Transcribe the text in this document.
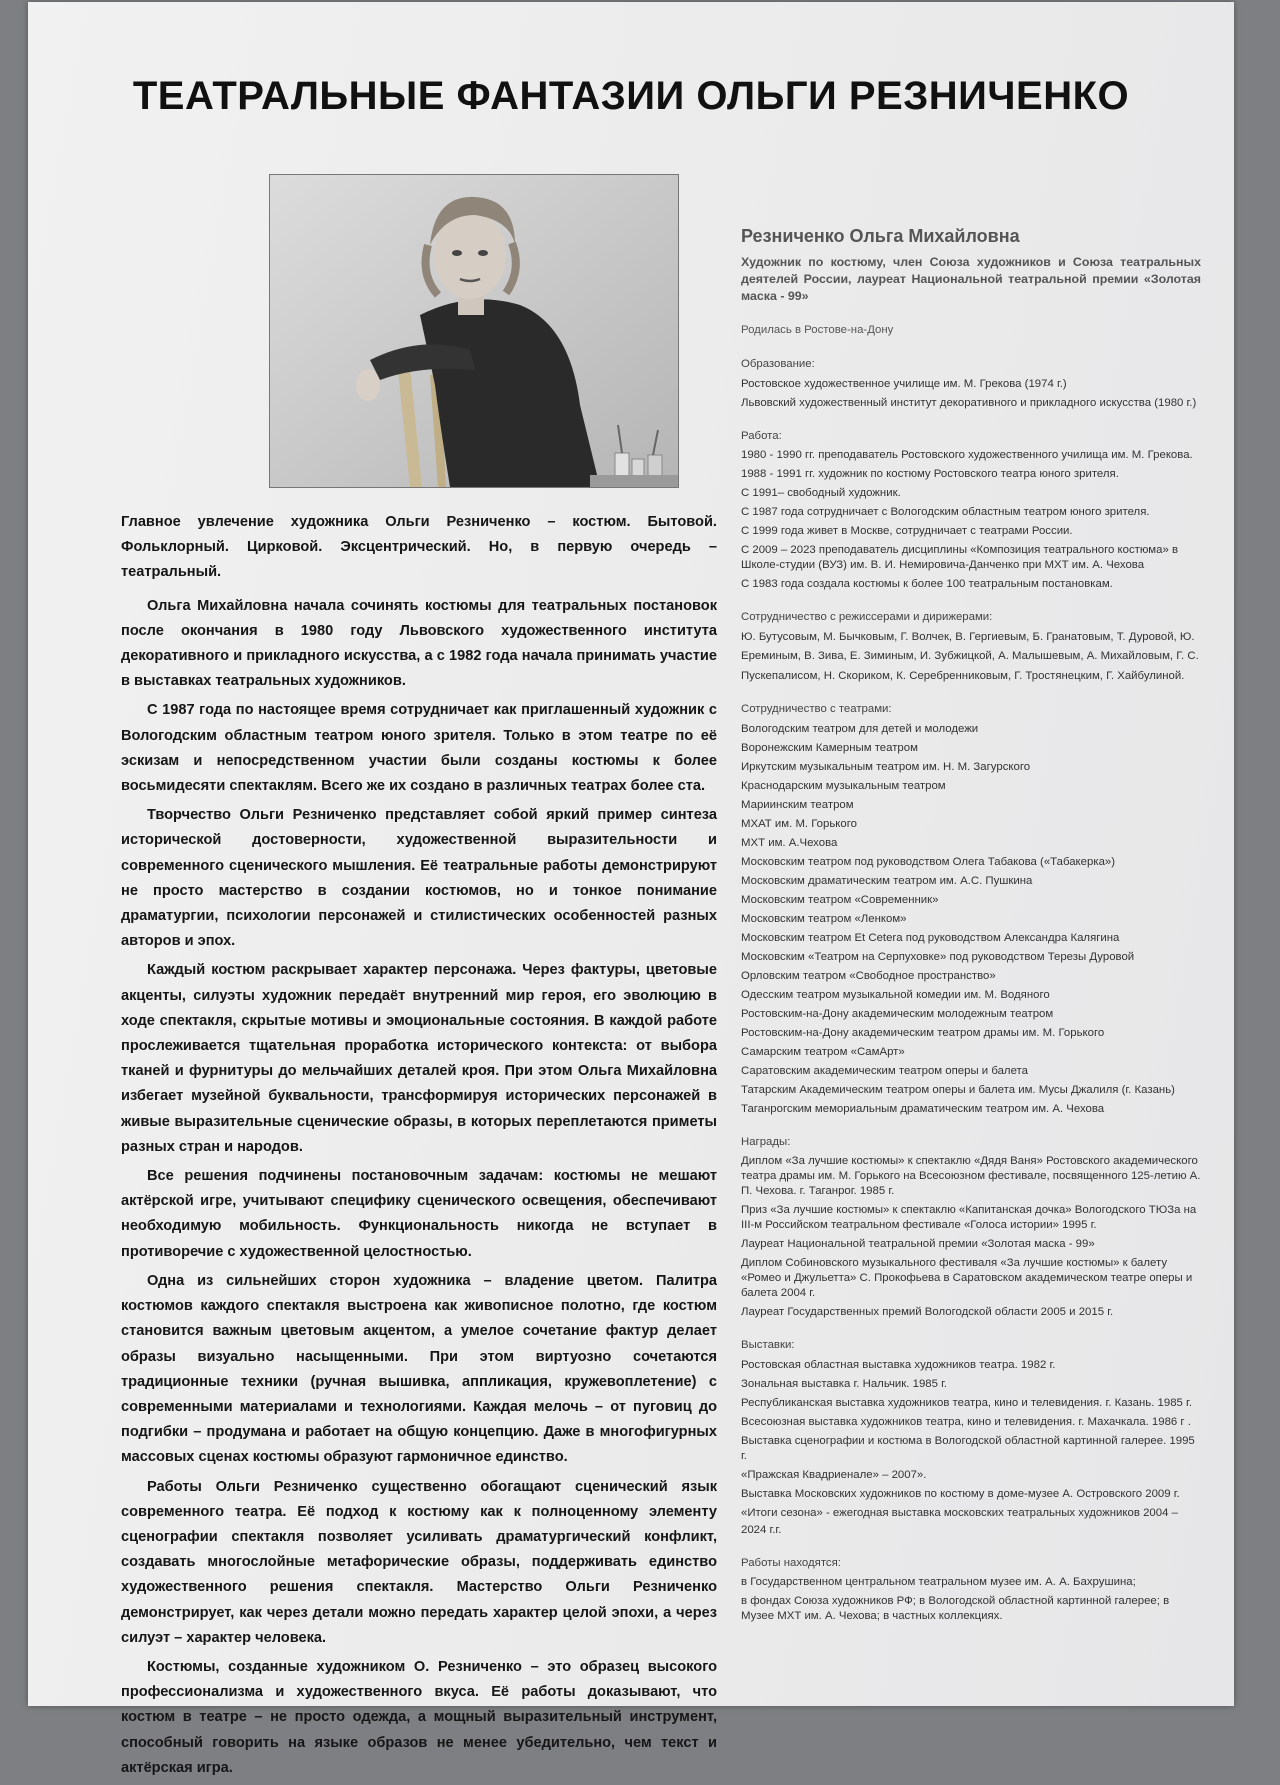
ТЕАТРАЛЬНЫЕ ФАНТАЗИИ ОЛЬГИ РЕЗНИЧЕНКО

Главное увлечение художника Ольги Резниченко – костюм. Бытовой. Фольклорный. Цирковой. Эксцентрический. Но, в первую очередь – театральный.

Ольга Михайловна начала сочинять костюмы для театральных постановок после окончания в 1980 году Львовского художественного института декоративного и прикладного искусства, а с 1982 года начала принимать участие в выставках театральных художников.

С 1987 года по настоящее время сотрудничает как приглашенный художник с Вологодским областным театром юного зрителя. Только в этом театре по её эскизам и непосредственном участии были созданы костюмы к более восьмидесяти спектаклям. Всего же их создано в различных театрах более ста.

Творчество Ольги Резниченко представляет собой яркий пример синтеза исторической достоверности, художественной выразительности и современного сценического мышления. Её театральные работы демонстрируют не просто мастерство в создании костюмов, но и тонкое понимание драматургии, психологии персонажей и стилистических особенностей разных авторов и эпох.

Каждый костюм раскрывает характер персонажа. Через фактуры, цветовые акценты, силуэты художник передаёт внутренний мир героя, его эволюцию в ходе спектакля, скрытые мотивы и эмоциональные состояния. В каждой работе прослеживается тщательная проработка исторического контекста: от выбора тканей и фурнитуры до мельчайших деталей кроя. При этом Ольга Михайловна избегает музейной буквальности, трансформируя исторических персонажей в живые выразительные сценические образы, в которых переплетаются приметы разных стран и народов.

Все решения подчинены постановочным задачам: костюмы не мешают актёрской игре, учитывают специфику сценического освещения, обеспечивают необходимую мобильность. Функциональность никогда не вступает в противоречие с художественной целостностью.

Одна из сильнейших сторон художника – владение цветом. Палитра костюмов каждого спектакля выстроена как живописное полотно, где костюм становится важным цветовым акцентом, а умелое сочетание фактур делает образы визуально насыщенными. При этом виртуозно сочетаются традиционные техники (ручная вышивка, аппликация, кружевоплетение) с современными материалами и технологиями. Каждая мелочь – от пуговиц до подгибки – продумана и работает на общую концепцию. Даже в многофигурных массовых сценах костюмы образуют гармоничное единство.

Работы Ольги Резниченко существенно обогащают сценический язык современного театра. Её подход к костюму как к полноценному элементу сценографии спектакля позволяет усиливать драматургический конфликт, создавать многослойные метафорические образы, поддерживать единство художественного решения спектакля. Мастерство Ольги Резниченко демонстрирует, как через детали можно передать характер целой эпохи, а через силуэт – характер человека.

Костюмы, созданные художником О. Резниченко – это образец высокого профессионализма и художественного вкуса. Её работы доказывают, что костюм в театре – не просто одежда, а мощный выразительный инструмент, способный говорить на языке образов не менее убедительно, чем текст и актёрская игра.

Резниченко Ольга Михайловна
Художник по костюму, член Союза художников и Союза театральных деятелей России, лауреат Национальной театральной премии «Золотая маска - 99»
Родилась в Ростове-на-Дону
Образование:
Ростовское художественное училище им. М. Грекова (1974 г.)
Львовский художественный институт декоративного и прикладного искусства (1980 г.)
Работа:
1980 - 1990 гг. преподаватель Ростовского художественного училища им. М. Грекова.
1988 - 1991 гг. художник по костюму Ростовского театра юного зрителя.
С 1991– свободный художник.
С 1987 года сотрудничает с Вологодским областным театром юного зрителя.
С 1999 года живет в Москве, сотрудничает с театрами России.
С 2009 – 2023 преподаватель дисциплины «Композиция театрального костюма» в Школе-студии (ВУЗ) им. В. И. Немировича-Данченко при МХТ им. А. Чехова
С 1983 года создала костюмы к более 100 театральным постановкам.
Сотрудничество с режиссерами и дирижерами:

Ю. Бутусовым, М. Бычковым, Г. Волчек, В. Гергиевым, Б. Гранатовым, Т. Дуровой, Ю. Ереминым, В. Зива, Е. Зиминым, И. Зубжицкой, А. Малышевым, А. Михайловым, Г. С. Пускепалисом, Н. Скориком, К. Серебренниковым, Г. Тростянецким, Г. Хайбулиной.

Сотрудничество с театрами:
Вологодским театром для детей и молодежи
Воронежским Камерным театром
Иркутским музыкальным театром им. Н. М. Загурского
Краснодарским музыкальным театром
Мариинским театром
МХАТ им. М. Горького
МХТ им. А.Чехова
Московским театром под руководством Олега Табакова («Табакерка»)
Московским драматическим театром им. А.С. Пушкина
Московским театром «Современник»
Московским театром «Ленком»
Московским театром Et Cetera под руководством Александра Калягина
Московским «Театром на Серпуховке» под руководством Терезы Дуровой
Орловским театром «Свободное пространство»
Одесским театром музыкальной комедии им. М. Водяного
Ростовским-на-Дону академическим молодежным театром
Ростовским-на-Дону академическим театром драмы им. М. Горького
Самарским театром «СамАрт»
Саратовским академическим театром оперы и балета
Татарским Академическим театром оперы и балета им. Мусы Джалиля (г. Казань)
Таганрогским мемориальным драматическим театром им. А. Чехова
Награды:
Диплом «За лучшие костюмы» к спектаклю «Дядя Ваня» Ростовского академического театра драмы им. М. Горького на Всесоюзном фестивале, посвященного 125-летию А. П. Чехова. г. Таганрог. 1985 г.
Приз «За лучшие костюмы» к спектаклю «Капитанская дочка» Вологодского ТЮЗа на III-м Российском театральном фестивале «Голоса истории» 1995 г.
Лауреат Национальной театральной премии «Золотая маска - 99»
Диплом Собиновского музыкального фестиваля «За лучшие костюмы» к балету «Ромео и Джульетта» С. Прокофьева в Саратовском академическом театре оперы и балета 2004 г.
Лауреат Государственных премий Вологодской области 2005 и 2015 г.
Выставки:
Ростовская областная выставка художников театра. 1982 г.
Зональная выставка г. Нальчик. 1985 г.
Республиканская выставка художников театра, кино и телевидения. г. Казань. 1985 г.
Всесоюзная выставка художников театра, кино и телевидения. г. Махачкала. 1986 г .
Выставка сценографии и костюма в Вологодской областной картинной галерее. 1995 г.
«Пражская Квадриенале» – 2007».
Выставка Московских художников по костюму в доме-музее А. Островского 2009 г.
«Итоги сезона» - ежегодная выставка московских театральных художников 2004 – 2024 г.г.
Работы находятся:
в Государственном центральном театральном музее им. А. А. Бахрушина;
в фондах Союза художников РФ; в Вологодской областной картинной галерее; в Музее МХТ им. А. Чехова; в частных коллекциях.
